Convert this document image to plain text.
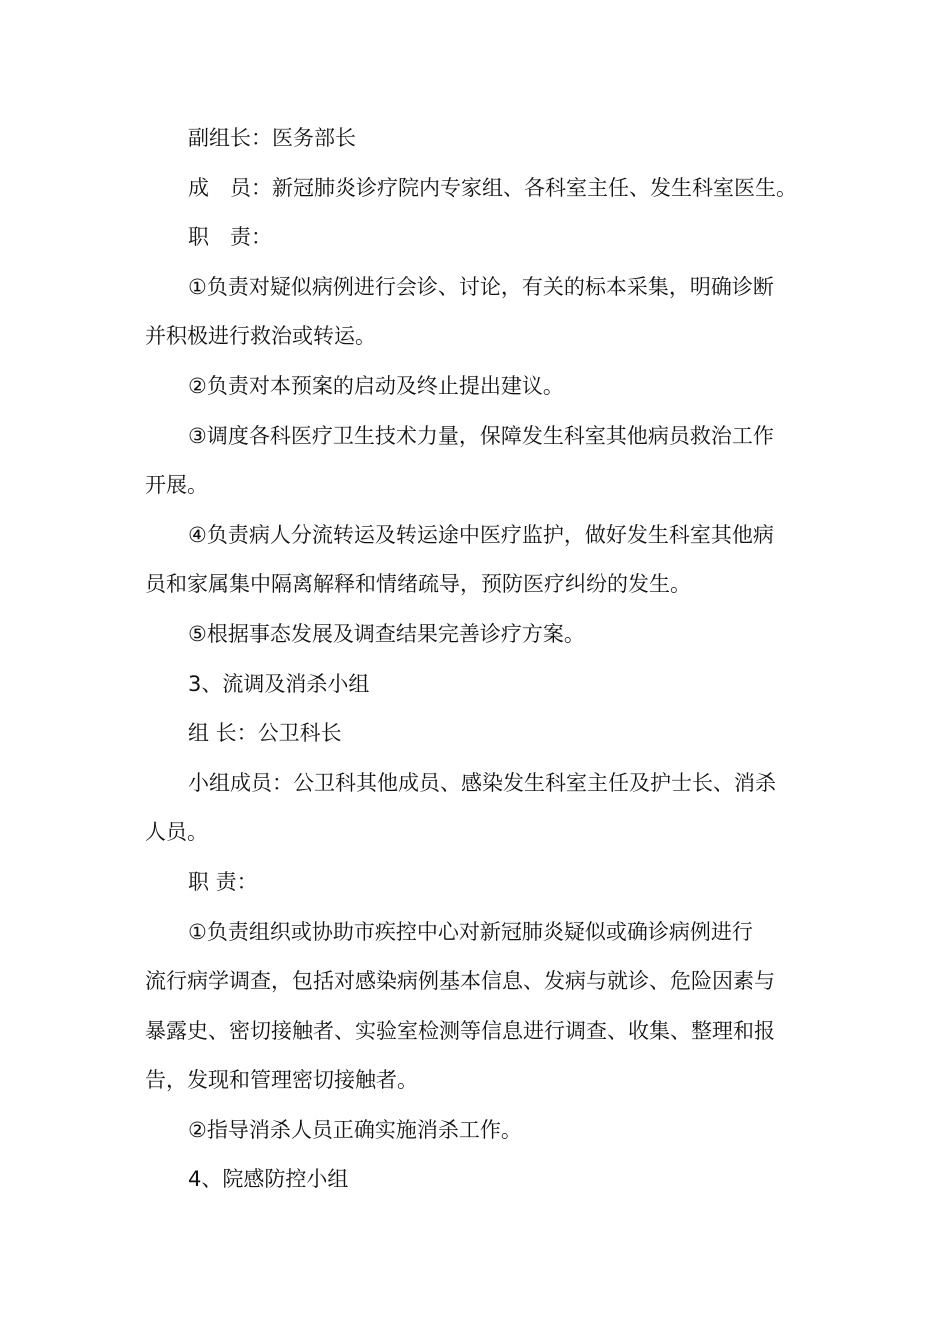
副组长：医务部长

成　员：新冠肺炎诊疗院内专家组、各科室主任、发生科室医生。

职　责：

①负责对疑似病例进行会诊、讨论，有关的标本采集，明确诊断
并积极进行救治或转运。

②负责对本预案的启动及终止提出建议。

③调度各科医疗卫生技术力量，保障发生科室其他病员救治工作
开展。

④负责病人分流转运及转运途中医疗监护，做好发生科室其他病
员和家属集中隔离解释和情绪疏导，预防医疗纠纷的发生。

⑤根据事态发展及调查结果完善诊疗方案。

3、流调及消杀小组

组 长：公卫科长

小组成员：公卫科其他成员、感染发生科室主任及护士长、消杀
人员。

职 责：

①负责组织或协助市疾控中心对新冠肺炎疑似或确诊病例进行
流行病学调查，包括对感染病例基本信息、发病与就诊、危险因素与
暴露史、密切接触者、实验室检测等信息进行调查、收集、整理和报
告，发现和管理密切接触者。

②指导消杀人员正确实施消杀工作。

4、院感防控小组
